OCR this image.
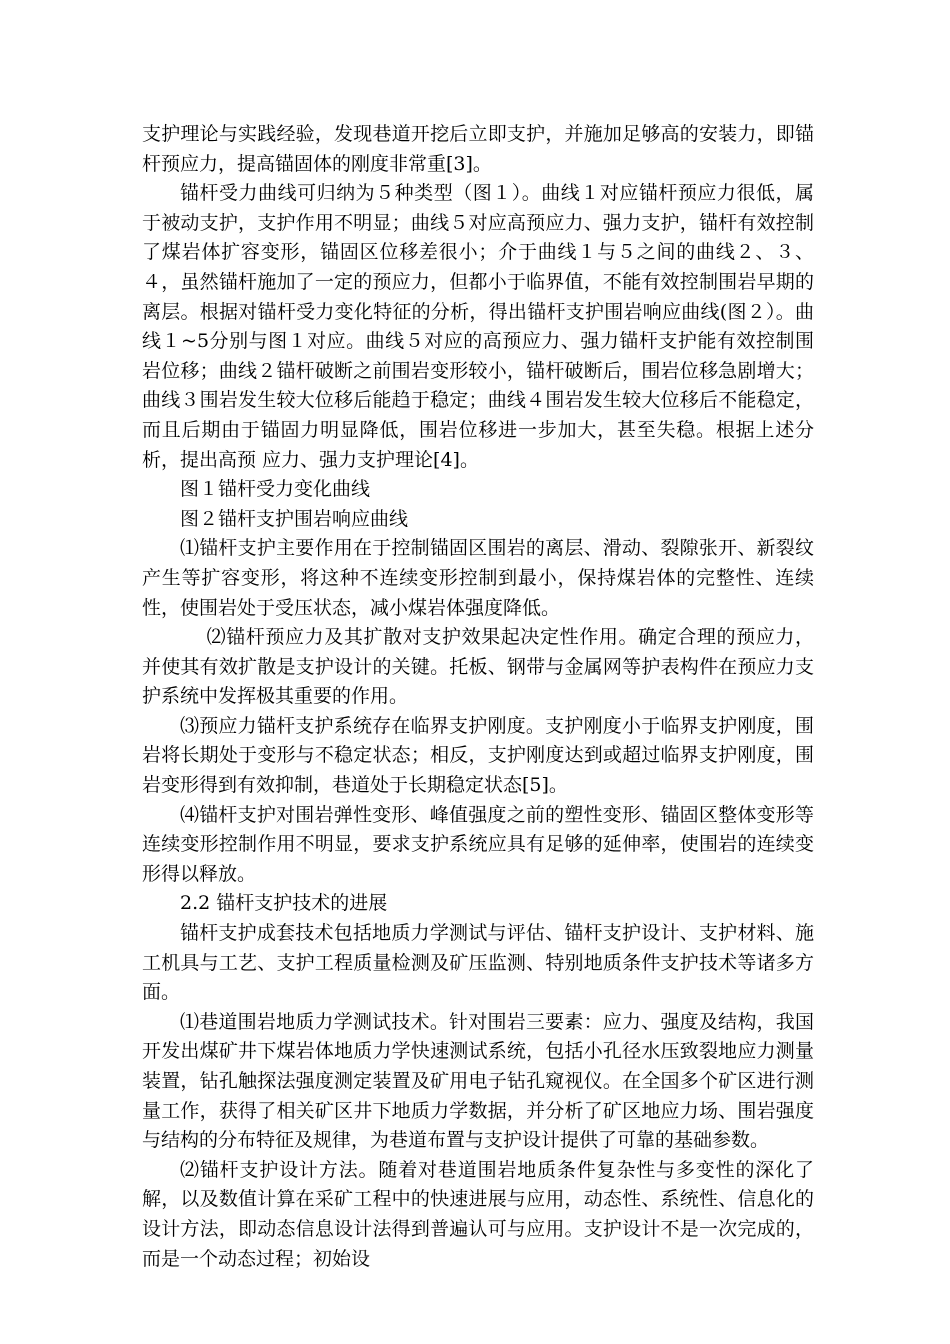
支护理论与实践经验，发现巷道开挖后立即支护，并施加足够高的安装力，即锚杆预应力，提高锚固体的刚度非常重[3]。

锚杆受力曲线可归纳为５种类型（图１）。曲线１对应锚杆预应力很低，属于被动支护，支护作用不明显；曲线５对应高预应力、强力支护，锚杆有效控制了煤岩体扩容变形，锚固区位移差很小；介于曲线１与５之间的曲线２、３、４，虽然锚杆施加了一定的预应力，但都小于临界值，不能有效控制围岩早期的离层。根据对锚杆受力变化特征的分析，得出锚杆支护围岩响应曲线(图２）。曲线１~5分别与图１对应。曲线５对应的高预应力、强力锚杆支护能有效控制围岩位移；曲线２锚杆破断之前围岩变形较小，锚杆破断后，围岩位移急剧增大；曲线３围岩发生较大位移后能趋于稳定；曲线４围岩发生较大位移后不能稳定，而且后期由于锚固力明显降低，围岩位移进一步加大，甚至失稳。根据上述分析，提出高预 应力、强力支护理论[4]。

图１锚杆受力变化曲线

图２锚杆支护围岩响应曲线

⑴锚杆支护主要作用在于控制锚固区围岩的离层、滑动、裂隙张开、新裂纹产生等扩容变形，将这种不连续变形控制到最小，保持煤岩体的完整性、连续性，使围岩处于受压状态，减小煤岩体强度降低。

⑵锚杆预应力及其扩散对支护效果起决定性作用。确定合理的预应力，并使其有效扩散是支护设计的关键。托板、钢带与金属网等护表构件在预应力支护系统中发挥极其重要的作用。

⑶预应力锚杆支护系统存在临界支护刚度。支护刚度小于临界支护刚度，围岩将长期处于变形与不稳定状态；相反，支护刚度达到或超过临界支护刚度，围岩变形得到有效抑制，巷道处于长期稳定状态[5]。

⑷锚杆支护对围岩弹性变形、峰值强度之前的塑性变形、锚固区整体变形等连续变形控制作用不明显，要求支护系统应具有足够的延伸率，使围岩的连续变形得以释放。

2.2 锚杆支护技术的进展

锚杆支护成套技术包括地质力学测试与评估、锚杆支护设计、支护材料、施工机具与工艺、支护工程质量检测及矿压监测、特别地质条件支护技术等诸多方面。

⑴巷道围岩地质力学测试技术。针对围岩三要素：应力、强度及结构，我国开发出煤矿井下煤岩体地质力学快速测试系统，包括小孔径水压致裂地应力测量装置，钻孔触探法强度测定装置及矿用电子钻孔窥视仪。在全国多个矿区进行测量工作，获得了相关矿区井下地质力学数据，并分析了矿区地应力场、围岩强度与结构的分布特征及规律，为巷道布置与支护设计提供了可靠的基础参数。

⑵锚杆支护设计方法。随着对巷道围岩地质条件复杂性与多变性的深化了解，以及数值计算在采矿工程中的快速进展与应用，动态性、系统性、信息化的设计方法，即动态信息设计法得到普遍认可与应用。支护设计不是一次完成的，而是一个动态过程；初始设
